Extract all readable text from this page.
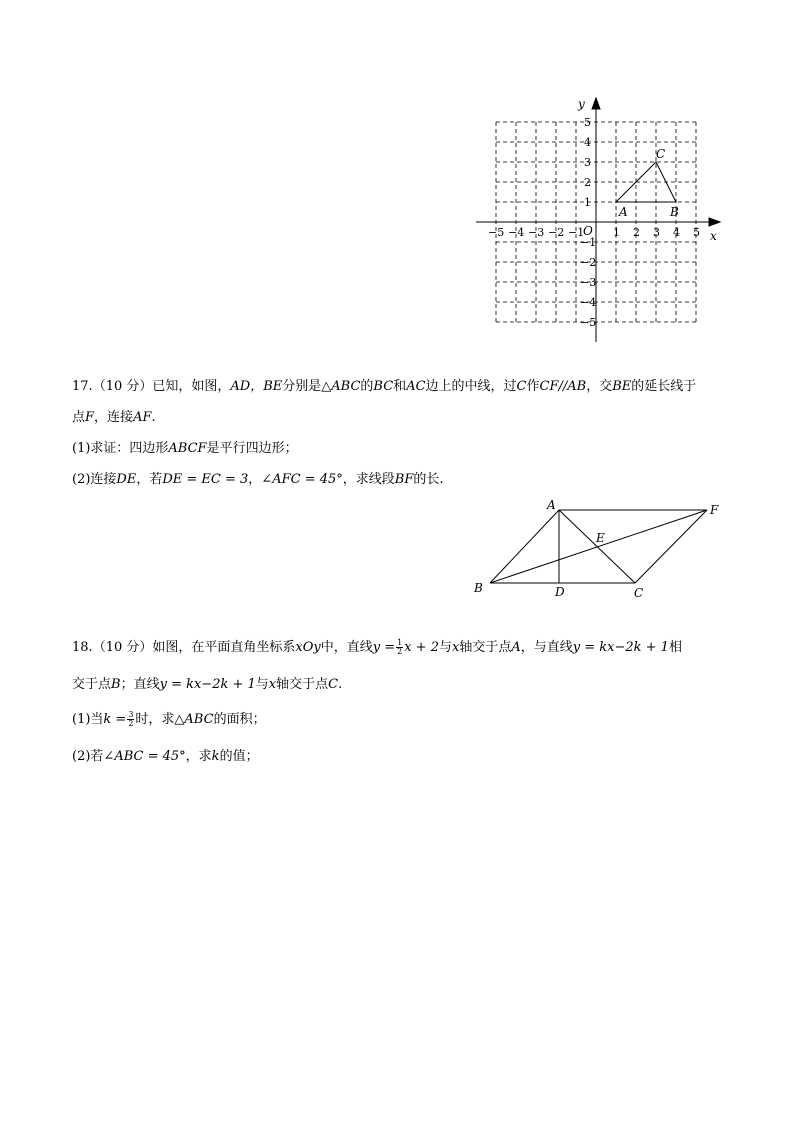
x
y
O
−5 −4 −3 −2 −1	1 2 3 4 5
5
4
3
2
1
−1
−2
−3
−4
−5
A	B
C
17.（10 分）已知，如图，AD，BE分别是△ABC的BC和AC边上的中线，过C作CF//AB，交BE的延长线于
点F，连接AF.
(1)求证：四边形ABCF是平行四边形；
(2)连接DE，若DE = EC = 3，∠AFC = 45°，求线段BF的长.
A
B	C
D
E
F
18.（10 分）如图，在平面直角坐标系xOy中，直线$y = \frac{1}{2}$ x + 2与x轴交于点A，与直线y = kx−2k + 1相
交于点B；直线y = kx−2k + 1与x轴交于点C.
(1)当$k = \frac{3}{2}$ 时，求△ABC的面积；
(2)若∠ABC = 45°，求k的值；
